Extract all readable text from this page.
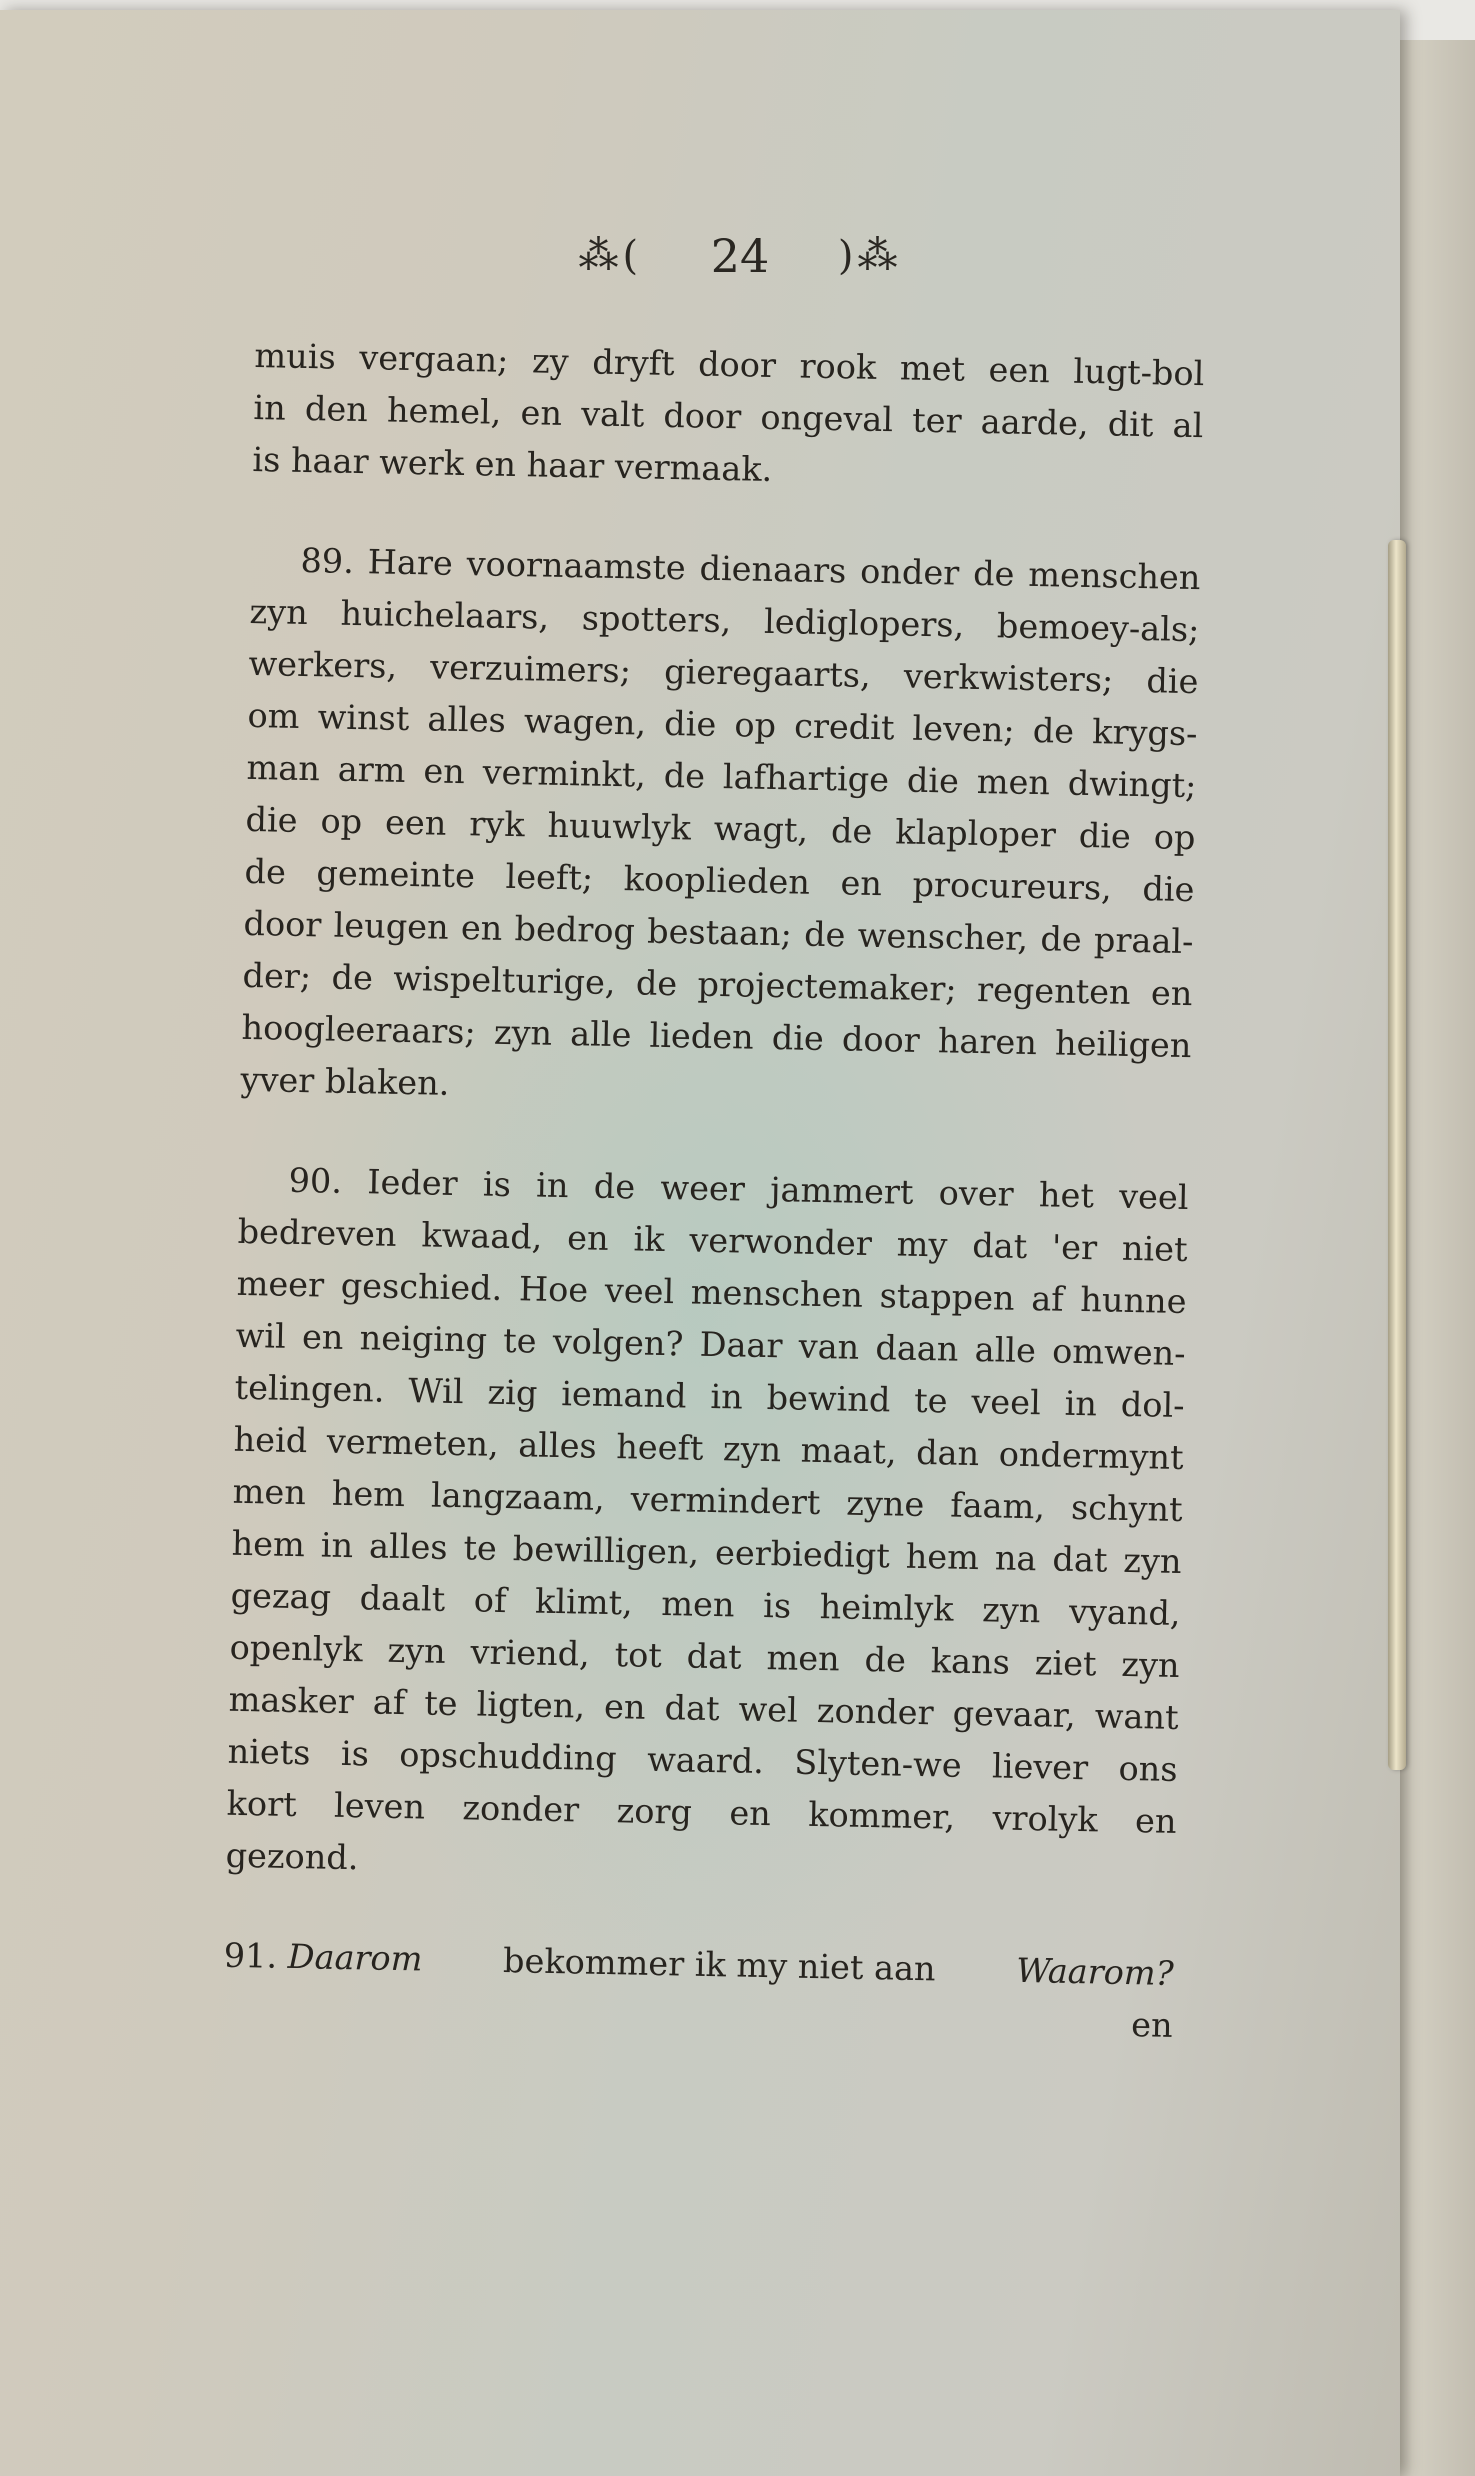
⁂( 24 )⁂
muis vergaan; zy dryft door rook met een lugt-bol
in den hemel, en valt door ongeval ter aarde, dit al
is haar werk en haar vermaak.
89. Hare voornaamste dienaars onder de menschen
zyn huichelaars, spotters, lediglopers, bemoey-als;
werkers, verzuimers; gieregaarts, verkwisters; die
om winst alles wagen, die op credit leven; de krygs-
man arm en verminkt, de lafhartige die men dwingt;
die op een ryk huuwlyk wagt, de klaploper die op
de gemeinte leeft; kooplieden en procureurs, die
door leugen en bedrog bestaan; de wenscher, de praal-
der; de wispelturige, de projectemaker; regenten en
hoogleeraars; zyn alle lieden die door haren heiligen
yver blaken.
90. Ieder is in de weer jammert over het veel
bedreven kwaad, en ik verwonder my dat 'er niet
meer geschied. Hoe veel menschen stappen af hunne
wil en neiging te volgen? Daar van daan alle omwen-
telingen. Wil zig iemand in bewind te veel in dol-
heid vermeten, alles heeft zyn maat, dan ondermynt
men hem langzaam, vermindert zyne faam, schynt
hem in alles te bewilligen, eerbiedigt hem na dat zyn
gezag daalt of klimt, men is heimlyk zyn vyand,
openlyk zyn vriend, tot dat men de kans ziet zyn
masker af te ligten, en dat wel zonder gevaar, want
niets is opschudding waard. Slyten-we liever ons
kort leven zonder zorg en kommer, vrolyk en
gezond.
91. Daarom bekommer ik my niet aan Waarom?
en
